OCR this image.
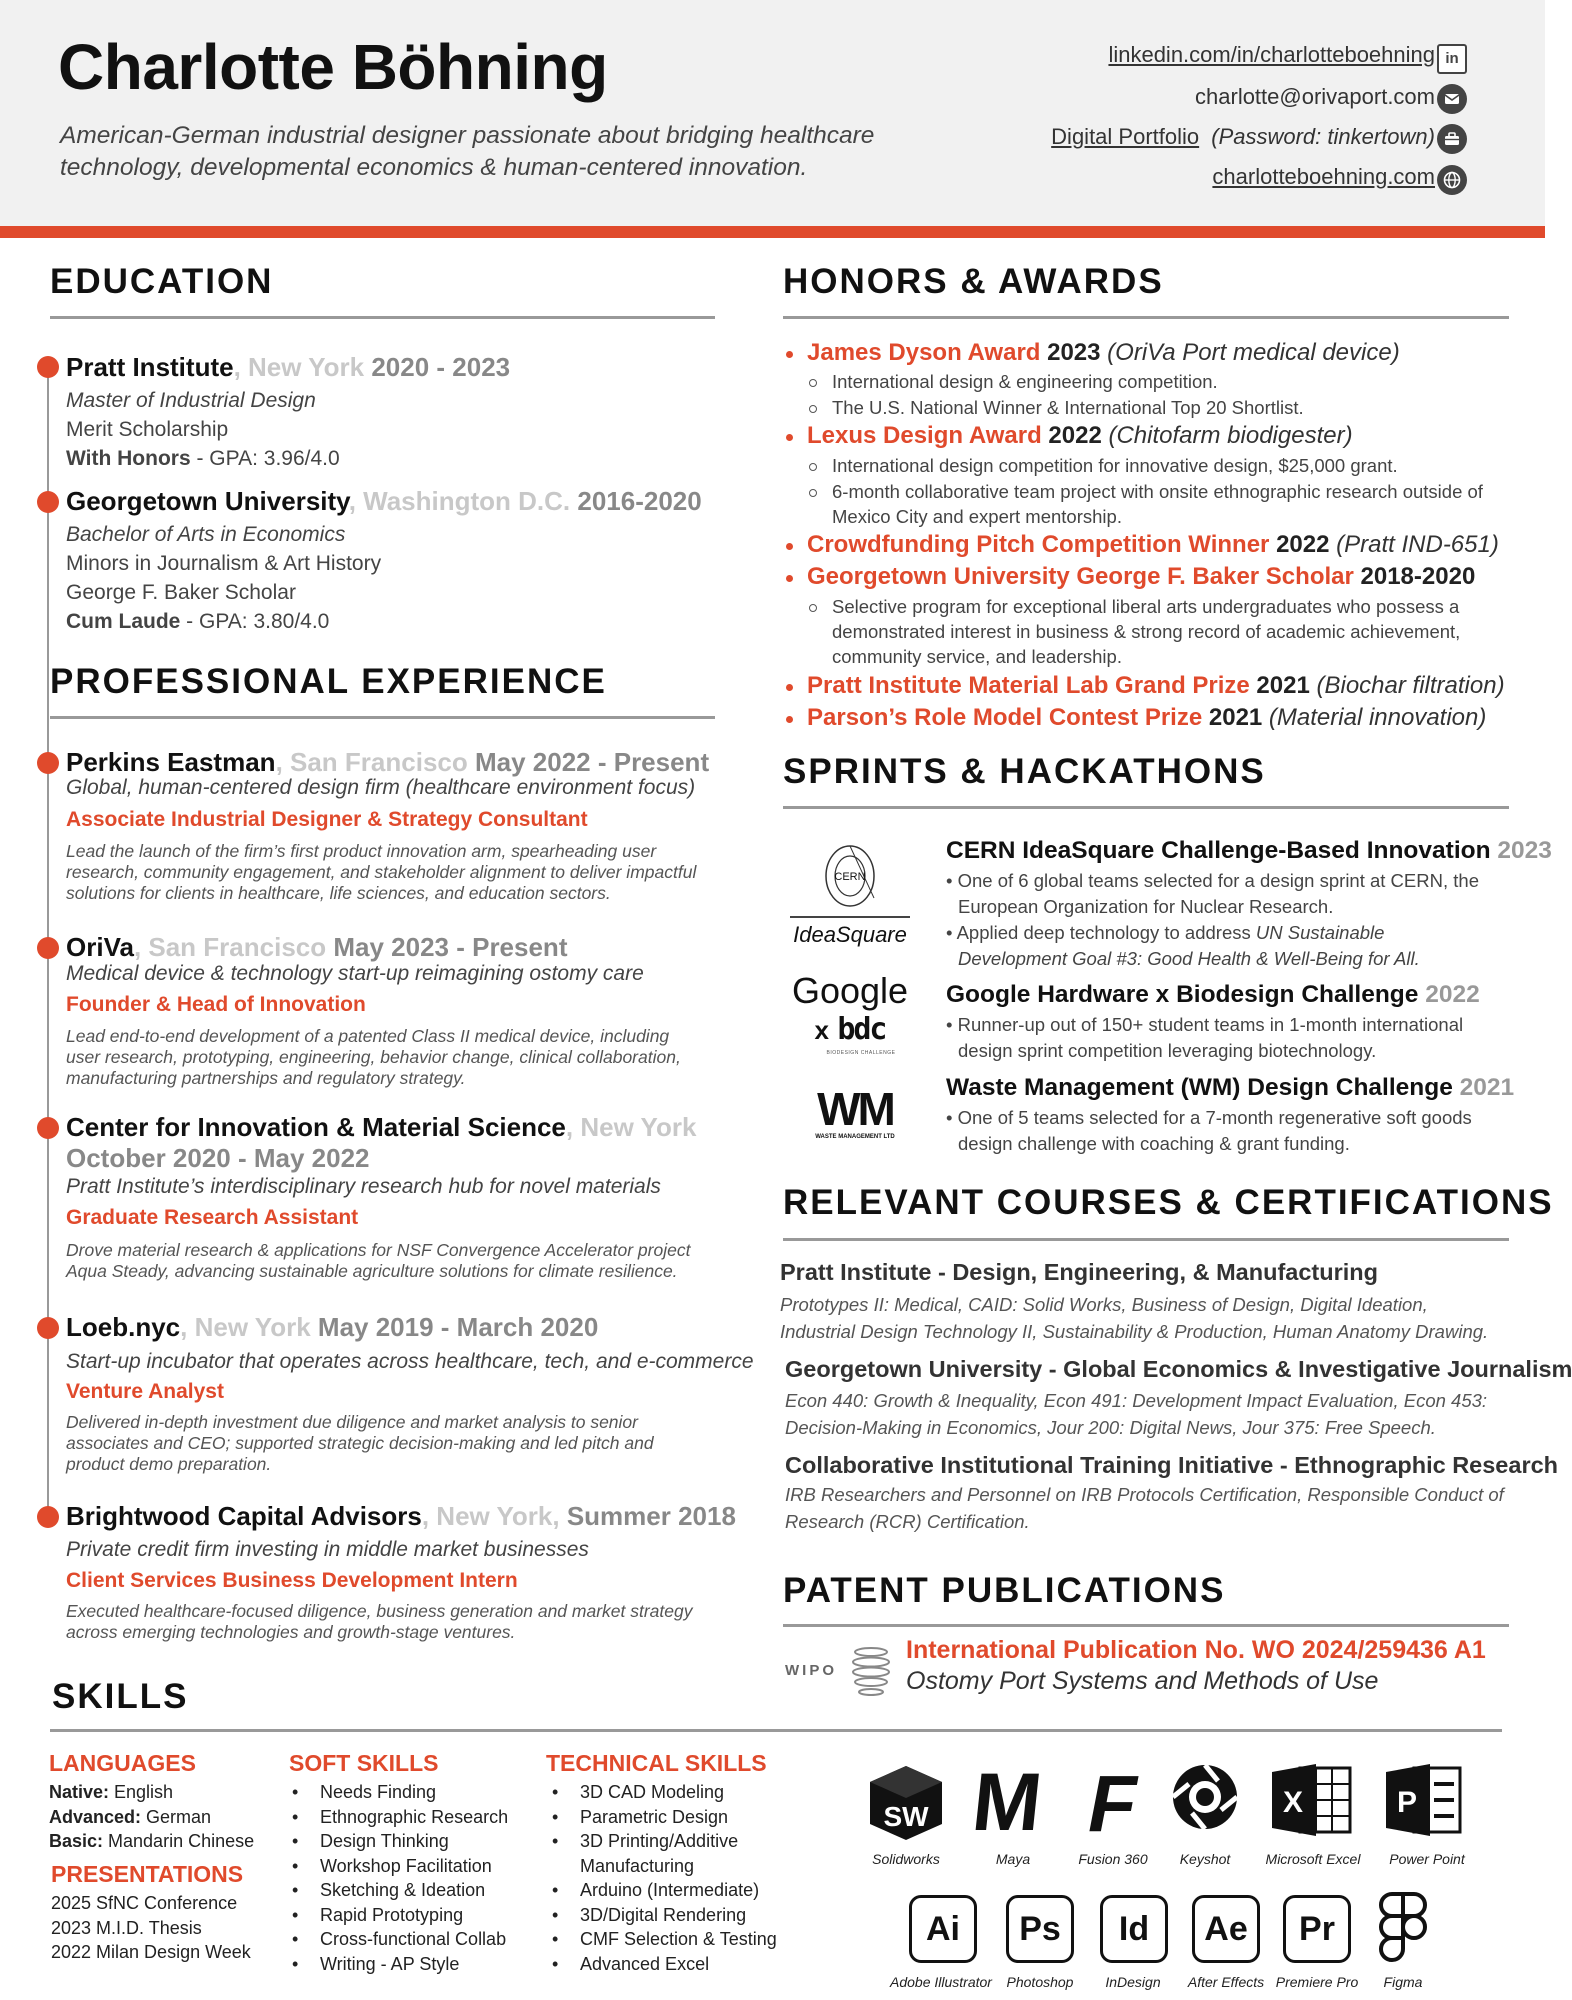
Charlotte Böhning
American-German industrial designer passionate about bridging healthcare
technology, developmental economics & human-centered innovation.
linkedin.com/in/charlotteboehning in
charlotte@orivaport.com
Digital Portfolio (Password: tinkertown)
charlotteboehning.com
EDUCATION
Pratt Institute, New York 2020 - 2023
Master of Industrial Design
Merit Scholarship
With Honors - GPA: 3.96/4.0
Georgetown University, Washington D.C. 2016-2020
Bachelor of Arts in Economics
Minors in Journalism & Art History
George F. Baker Scholar
Cum Laude - GPA: 3.80/4.0
PROFESSIONAL EXPERIENCE
Perkins Eastman, San Francisco May 2022 - Present
Global, human-centered design firm (healthcare environment focus)
Associate Industrial Designer & Strategy Consultant
Lead the launch of the firm’s first product innovation arm, spearheading user
research, community engagement, and stakeholder alignment to deliver impactful
solutions for clients in healthcare, life sciences, and education sectors.
OriVa, San Francisco May 2023 - Present
Medical device & technology start-up reimagining ostomy care
Founder & Head of Innovation
Lead end-to-end development of a patented Class II medical device, including
user research, prototyping, engineering, behavior change, clinical collaboration,
manufacturing partnerships and regulatory strategy.
Center for Innovation & Material Science, New York
October 2020 - May 2022
Pratt Institute’s interdisciplinary research hub for novel materials
Graduate Research Assistant
Drove material research & applications for NSF Convergence Accelerator project
Aqua Steady, advancing sustainable agriculture solutions for climate resilience.
Loeb.nyc, New York May 2019 - March 2020
Start-up incubator that operates across healthcare, tech, and e-commerce
Venture Analyst
Delivered in-depth investment due diligence and market analysis to senior
associates and CEO; supported strategic decision-making and led pitch and
product demo preparation.
Brightwood Capital Advisors, New York, Summer 2018
Private credit firm investing in middle market businesses
Client Services Business Development Intern
Executed healthcare-focused diligence, business generation and market strategy
across emerging technologies and growth-stage ventures.
HONORS & AWARDS
James Dyson Award 2023 (OriVa Port medical device)
International design & engineering competition.
The U.S. National Winner & International Top 20 Shortlist.
Lexus Design Award 2022 (Chitofarm biodigester)
International design competition for innovative design, $25,000 grant.
6-month collaborative team project with onsite ethnographic research outside of
Mexico City and expert mentorship.
Crowdfunding Pitch Competition Winner 2022 (Pratt IND-651)
Georgetown University George F. Baker Scholar 2018-2020
Selective program for exceptional liberal arts undergraduates who possess a
demonstrated interest in business & strong record of academic achievement,
community service, and leadership.
Pratt Institute Material Lab Grand Prize 2021 (Biochar filtration)
Parson’s Role Model Contest Prize 2021 (Material innovation)
SPRINTS & HACKATHONS
CERN
IdeaSquare
CERN IdeaSquare Challenge-Based Innovation 2023
• One of 6 global teams selected for a design sprint at CERN, the
European Organization for Nuclear Research.
• Applied deep technology to address UN Sustainable
Development Goal #3: Good Health & Well-Being for All.
Google
x bdc
BIODESIGN CHALLENGE
Google Hardware x Biodesign Challenge 2022
• Runner-up out of 150+ student teams in 1-month international
design sprint competition leveraging biotechnology.
WM
WASTE MANAGEMENT LTD
Waste Management (WM) Design Challenge 2021
• One of 5 teams selected for a 7-month regenerative soft goods
design challenge with coaching & grant funding.
RELEVANT COURSES & CERTIFICATIONS
Pratt Institute - Design, Engineering, & Manufacturing
Prototypes II: Medical, CAID: Solid Works, Business of Design, Digital Ideation,
Industrial Design Technology II, Sustainability & Production, Human Anatomy Drawing.
Georgetown University - Global Economics & Investigative Journalism
Econ 440: Growth & Inequality, Econ 491: Development Impact Evaluation, Econ 453:
Decision-Making in Economics, Jour 200: Digital News, Jour 375: Free Speech.
Collaborative Institutional Training Initiative - Ethnographic Research
IRB Researchers and Personnel on IRB Protocols Certification, Responsible Conduct of
Research (RCR) Certification.
PATENT PUBLICATIONS
WIPO
International Publication No. WO 2024/259436 A1
Ostomy Port Systems and Methods of Use
SKILLS
LANGUAGES
Native: English
Advanced: German
Basic: Mandarin Chinese
PRESENTATIONS
2025 SfNC Conference
2023 M.I.D. Thesis
2022 Milan Design Week
SOFT SKILLS
• Needs Finding
• Ethnographic Research
• Design Thinking
• Workshop Facilitation
• Sketching & Ideation
• Rapid Prototyping
• Cross-functional Collab
• Writing - AP Style
TECHNICAL SKILLS
• 3D CAD Modeling
• Parametric Design
• 3D Printing/Additive
Manufacturing
• Arduino (Intermediate)
• 3D/Digital Rendering
• CMF Selection & Testing
• Advanced Excel
SW
Solidworks
M
Maya
F
Fusion 360	Keyshot
X
Microsoft Excel
P
Power Point
Ai
Adobe Illustrator
Ps
Photoshop
Id
InDesign
Ae
After Effects
Pr
Premiere Pro	Figma
